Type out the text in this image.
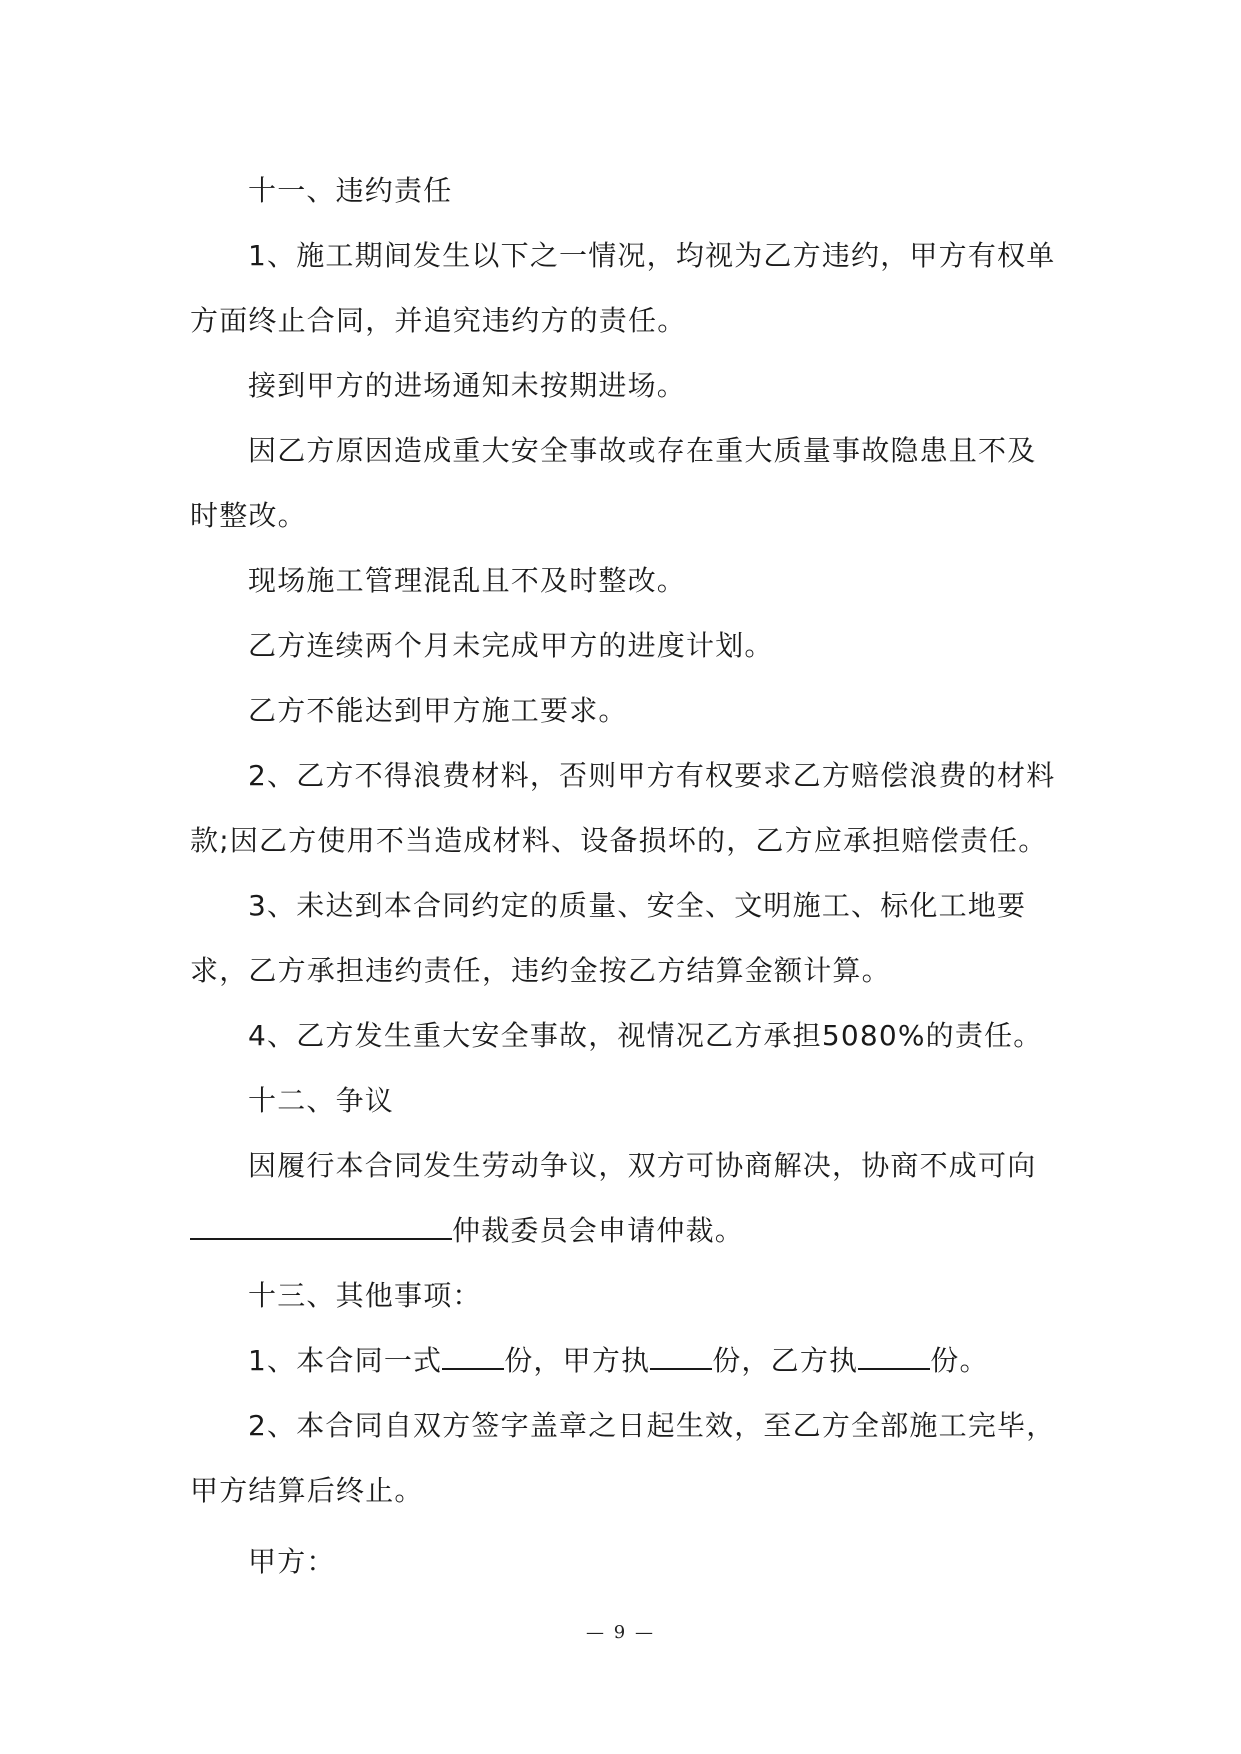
十一、违约责任

1、施工期间发生以下之一情况，均视为乙方违约，甲方有权单方面终止合同，并追究违约方的责任。

接到甲方的进场通知未按期进场。

因乙方原因造成重大安全事故或存在重大质量事故隐患且不及时整改。

现场施工管理混乱且不及时整改。

乙方连续两个月未完成甲方的进度计划。

乙方不能达到甲方施工要求。

2、乙方不得浪费材料，否则甲方有权要求乙方赔偿浪费的材料款;因乙方使用不当造成材料、设备损坏的，乙方应承担赔偿责任。

3、未达到本合同约定的质量、安全、文明施工、标化工地要求，乙方承担违约责任，违约金按乙方结算金额计算。

4、乙方发生重大安全事故，视情况乙方承担5080%的责任。

十二、争议

因履行本合同发生劳动争议，双方可协商解决，协商不成可向

仲裁委员会申请仲裁。

十三、其他事项：

1、本合同一式 份，甲方执 份，乙方执	份。

2、本合同自双方签字盖章之日起生效，至乙方全部施工完毕，甲方结算后终止。

甲方：

— 9 —
